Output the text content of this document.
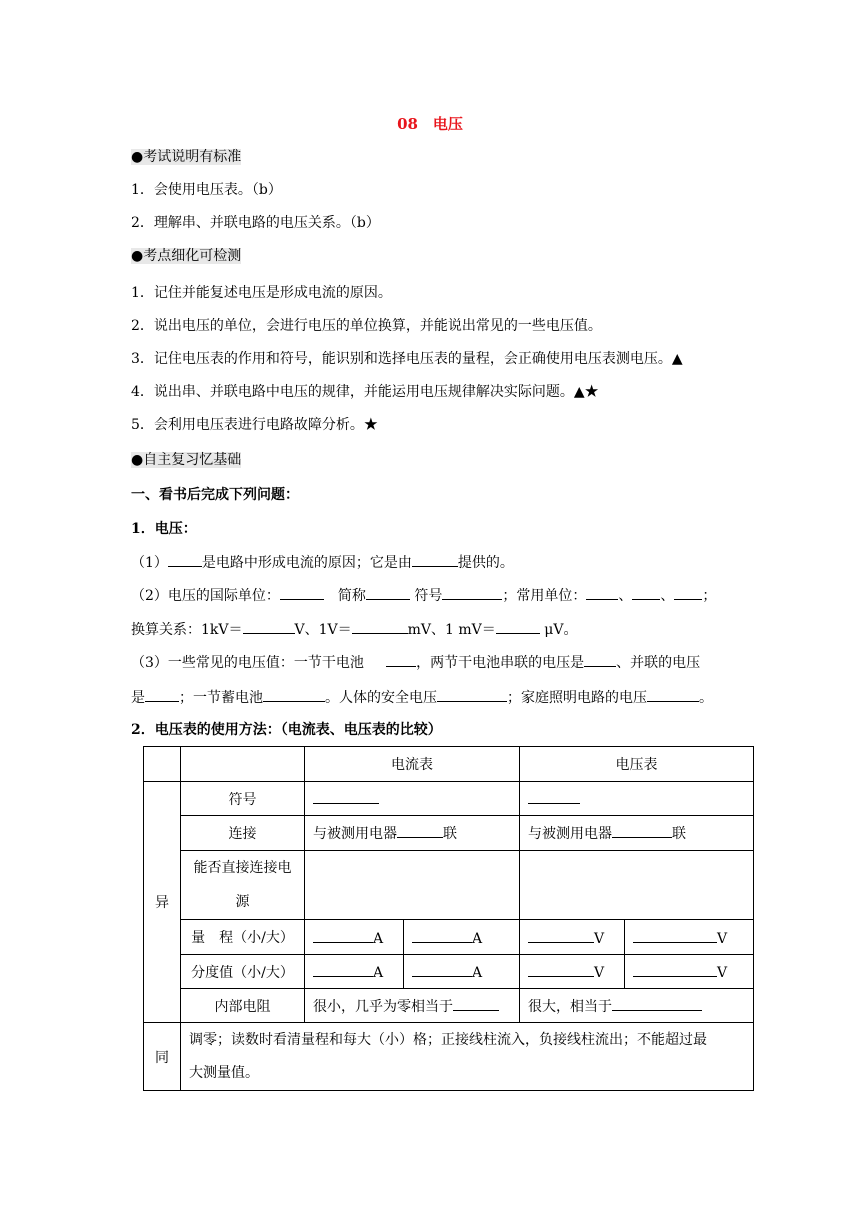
08　电压
●考试说明有标准
1．会使用电压表。（b）
2．理解串、并联电路的电压关系。（b）
●考点细化可检测
1．记住并能复述电压是形成电流的原因。
2．说出电压的单位，会进行电压的单位换算，并能说出常见的一些电压值。
3．记住电压表的作用和符号，能识别和选择电压表的量程，会正确使用电压表测电压。▲
4．说出串、并联电路中电压的规律，并能运用电压规律解决实际问题。▲★
5．会利用电压表进行电路故障分析。★
●自主复习忆基础
一、看书后完成下列问题：
1．电压：
（1） 是电路中形成电流的原因；它是由	提供的。
（2）电压的国际单位：	　简称	符号	；常用单位： 、 、 ；
换算关系：1kV＝	V、1V＝	mV、1 mV＝	μV。
（3）一些常见的电压值：一节干电池	，两节干电池串联的电压是 、并联的电压
是 ；一节蓄电池	。人体的安全电压	；家庭照明电路的电压	。
2．电压表的使用方法：（电流表、电压表的比较）
		电流表		电压表	
异	符号				
	连接	与被测用电器 联		与被测用电器 联	

	能否直接连接电
源				

	量　程（小/大）	A	A	V	V
	分度值（小/大）	A	A	V	V
	内部电阻	很小，几乎为零相当于		很大，相当于	
同	调零；读数时看清量程和每大（小）格；正接线柱流入，负接线柱流出；不能超过最
大测量值。				
